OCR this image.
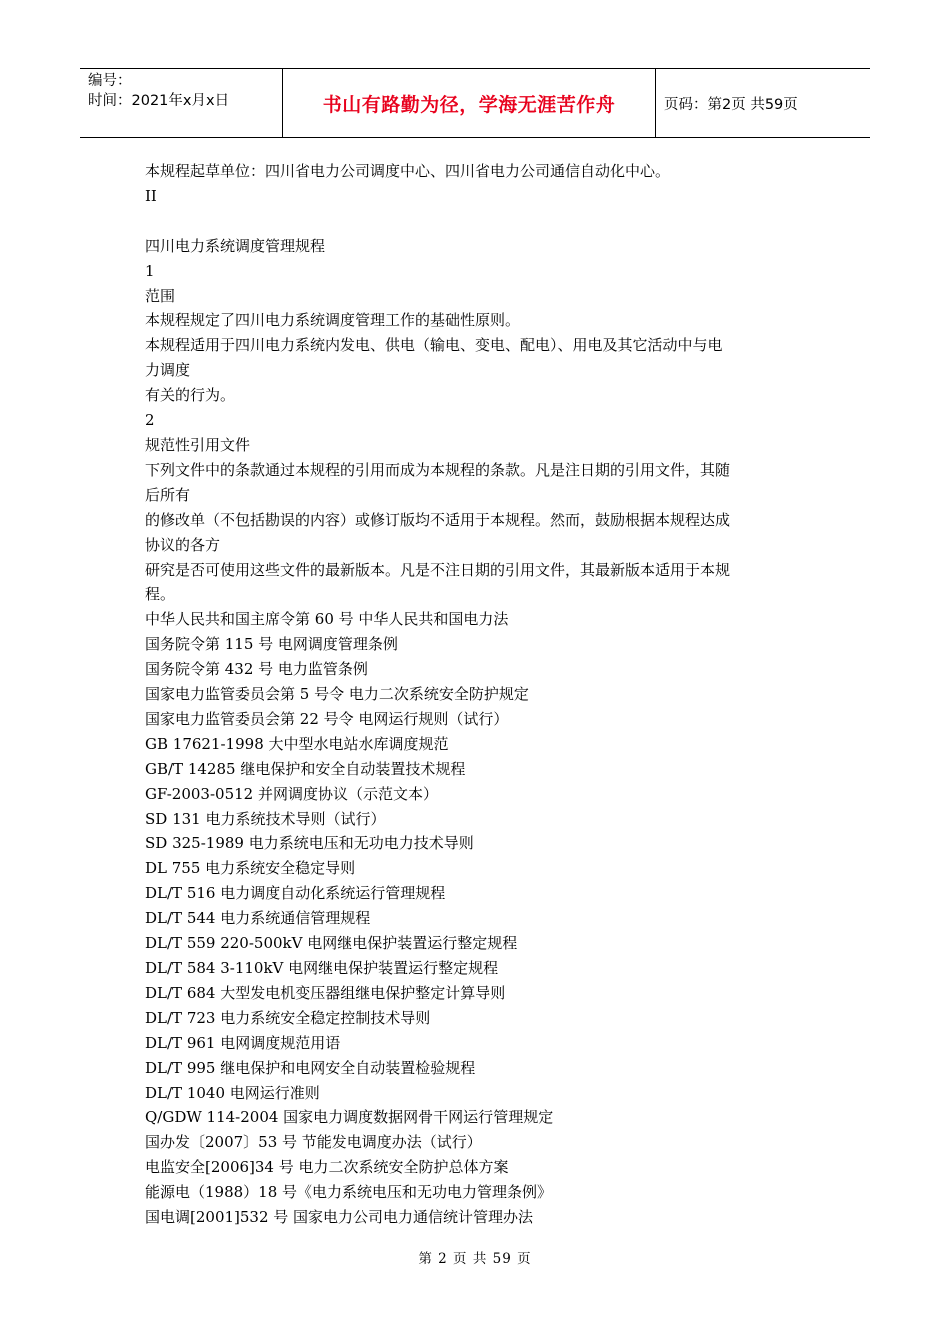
编号：
时间：2021年x月x日	书山有路勤为径，学海无涯苦作舟	页码：第2页 共59页
本规程起草单位：四川省电力公司调度中心、四川省电力公司通信自动化中心。
II

四川电力系统调度管理规程
1
范围
本规程规定了四川电力系统调度管理工作的基础性原则。
本规程适用于四川电力系统内发电、供电（输电、变电、配电）、用电及其它活动中与电
力调度
有关的行为。
2
规范性引用文件
下列文件中的条款通过本规程的引用而成为本规程的条款。凡是注日期的引用文件，其随
后所有
的修改单（不包括勘误的内容）或修订版均不适用于本规程。然而，鼓励根据本规程达成
协议的各方
研究是否可使用这些文件的最新版本。凡是不注日期的引用文件，其最新版本适用于本规
程。
中华人民共和国主席令第 60 号 中华人民共和国电力法
国务院令第 115 号 电网调度管理条例
国务院令第 432 号 电力监管条例
国家电力监管委员会第 5 号令 电力二次系统安全防护规定
国家电力监管委员会第 22 号令 电网运行规则（试行）
GB 17621-1998 大中型水电站水库调度规范
GB/T 14285 继电保护和安全自动装置技术规程
GF-2003-0512 并网调度协议（示范文本）
SD 131 电力系统技术导则（试行）
SD 325-1989 电力系统电压和无功电力技术导则
DL 755 电力系统安全稳定导则
DL/T 516 电力调度自动化系统运行管理规程
DL/T 544 电力系统通信管理规程
DL/T 559 220-500kV 电网继电保护装置运行整定规程
DL/T 584 3-110kV 电网继电保护装置运行整定规程
DL/T 684 大型发电机变压器组继电保护整定计算导则
DL/T 723 电力系统安全稳定控制技术导则
DL/T 961 电网调度规范用语
DL/T 995 继电保护和电网安全自动装置检验规程
DL/T 1040 电网运行准则
Q/GDW 114-2004 国家电力调度数据网骨干网运行管理规定
国办发〔2007〕53 号 节能发电调度办法（试行）
电监安全[2006]34 号 电力二次系统安全防护总体方案
能源电（1988）18 号《电力系统电压和无功电力管理条例》
国电调[2001]532 号 国家电力公司电力通信统计管理办法
第 2 页 共 59 页
